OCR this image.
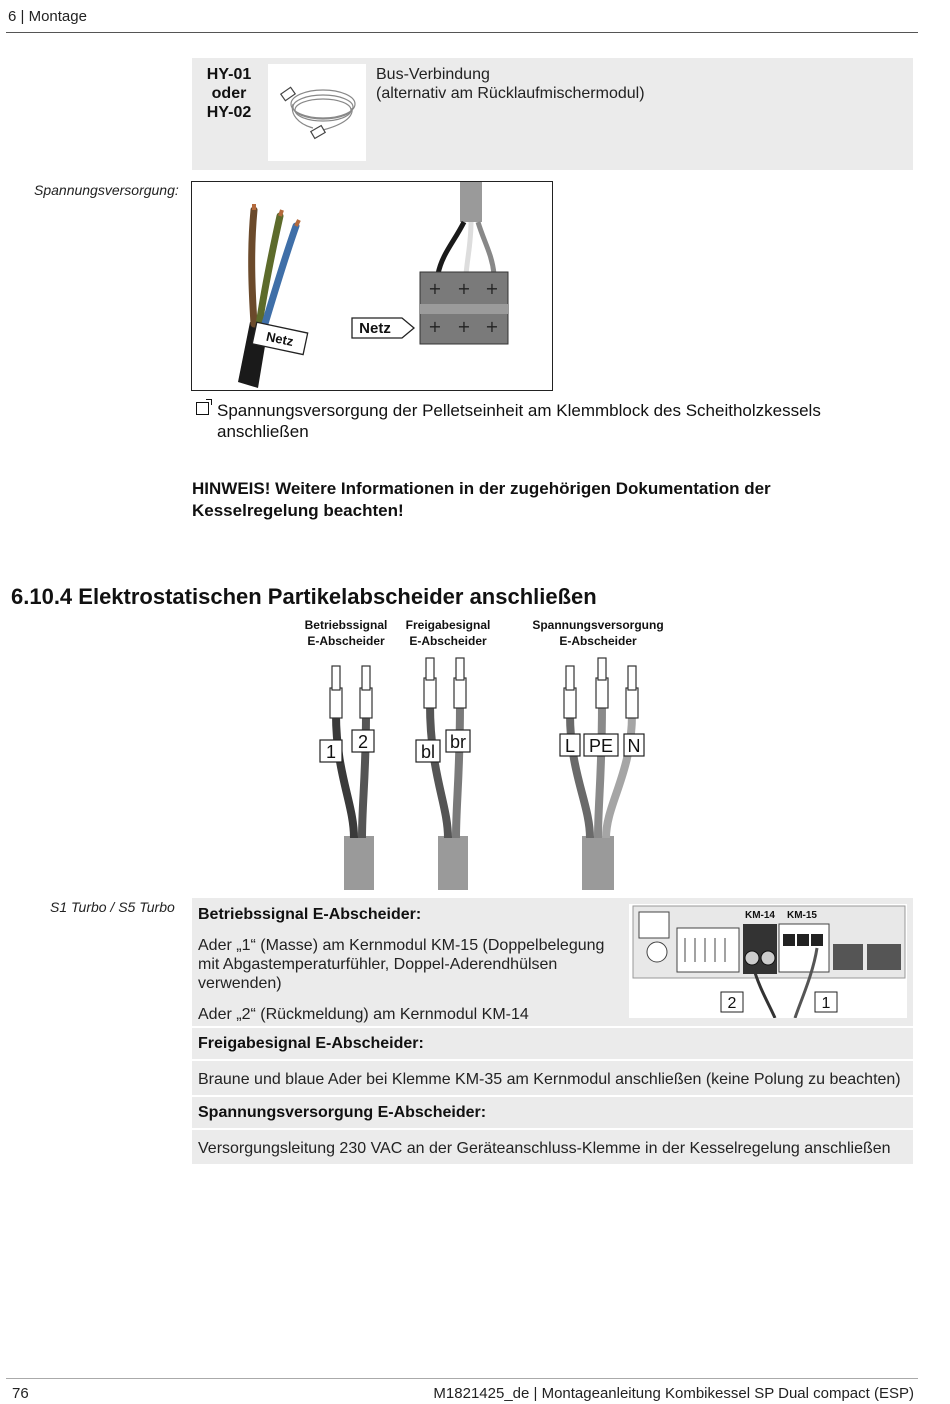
6 | Montage
HY-01
oder
HY-02
Bus-Verbindung
(alternativ am Rücklaufmischermodul)
Spannungsversorgung:
Netz
+ + +
+ + +
Netz
Spannungsversorgung der Pelletseinheit am Klemmblock des Scheitholzkessels anschließen
HINWEIS! Weitere Informationen in der zugehörigen Dokumentation der Kesselregelung beachten!
6.10.4 Elektrostatischen Partikelabscheider anschließen
Betriebssignal
E-Abscheider
Freigabesignal
E-Abscheider
Spannungsversorgung
E-Abscheider
1 2	bl br	L PE N
S1 Turbo / S5 Turbo Betriebssignal E-Abscheider:
Ader „1“ (Masse) am Kernmodul KM-15 (Doppelbelegung mit Abgastemperaturfühler, Doppel-Aderendhülsen verwenden)
Ader „2“ (Rückmeldung) am Kernmodul KM-14
KM-14 KM-15
2	1
Freigabesignal E-Abscheider:
Braune und blaue Ader bei Klemme KM-35 am Kernmodul anschließen (keine Polung zu beachten)
Spannungsversorgung E-Abscheider:
Versorgungsleitung 230 VAC an der Geräteanschluss-Klemme in der Kesselregelung anschließen
76	M1821425_de | Montageanleitung Kombikessel SP Dual compact (ESP)
